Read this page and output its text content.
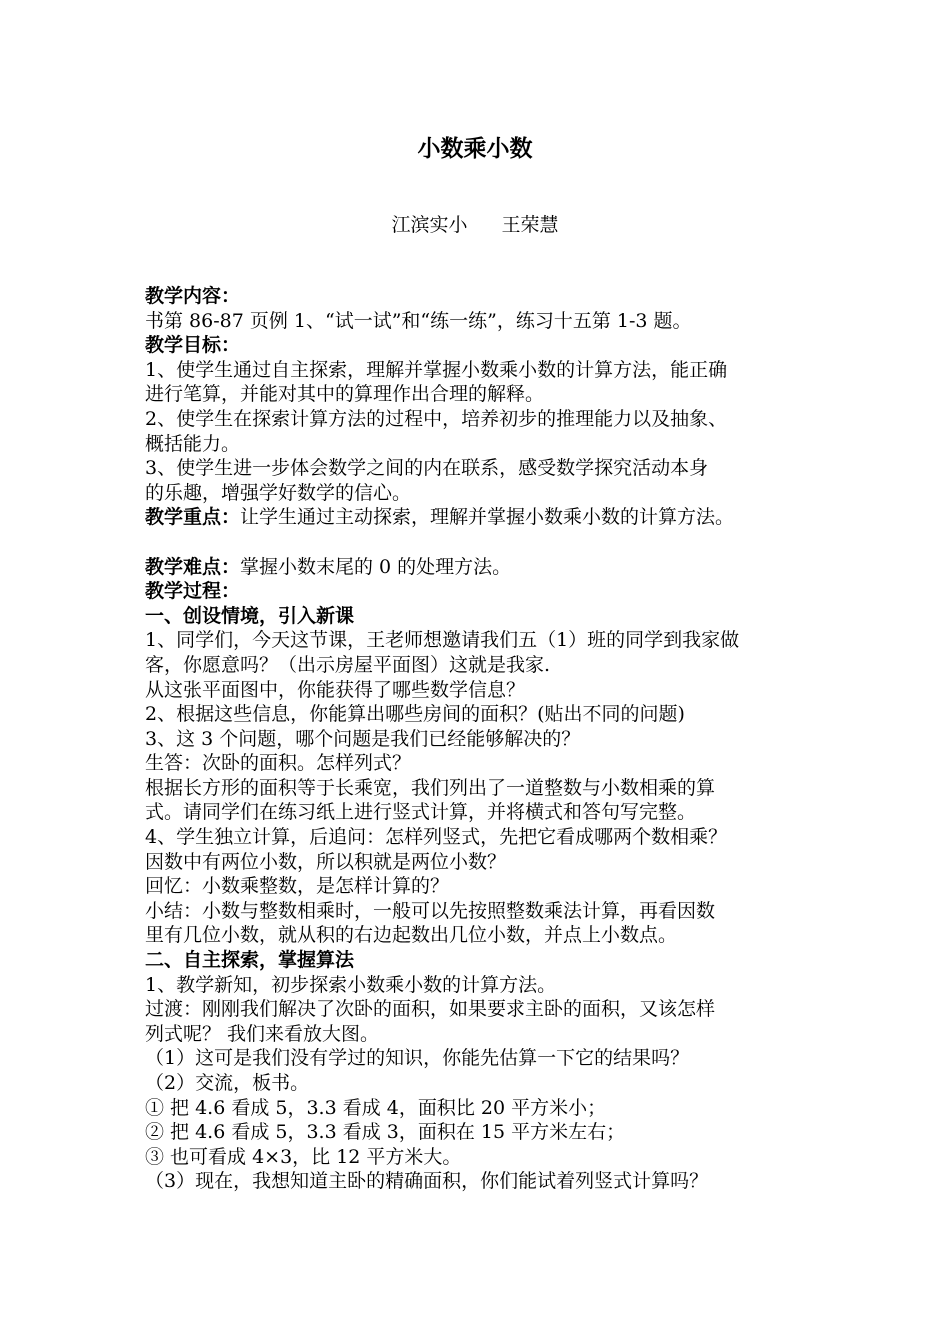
小数乘小数
江滨实小 王荣慧
教学内容：
书第 86-87 页例 1、“试一试”和“练一练”，练习十五第 1-3 题。
教学目标：
1、使学生通过自主探索，理解并掌握小数乘小数的计算方法，能正确
进行笔算，并能对其中的算理作出合理的解释。
2、使学生在探索计算方法的过程中，培养初步的推理能力以及抽象、
概括能力。
3、使学生进一步体会数学之间的内在联系，感受数学探究活动本身
的乐趣，增强学好数学的信心。
教学重点：让学生通过主动探索，理解并掌握小数乘小数的计算方法。
教学难点：掌握小数末尾的 0 的处理方法。
教学过程：
一、创设情境，引入新课
1、同学们，今天这节课，王老师想邀请我们五（1）班的同学到我家做
客，你愿意吗？（出示房屋平面图）这就是我家.
从这张平面图中，你能获得了哪些数学信息？
2、根据这些信息，你能算出哪些房间的面积？(贴出不同的问题)
3、这 3 个问题，哪个问题是我们已经能够解决的？
生答：次卧的面积。怎样列式？
根据长方形的面积等于长乘宽，我们列出了一道整数与小数相乘的算
式。请同学们在练习纸上进行竖式计算，并将横式和答句写完整。
4、学生独立计算，后追问：怎样列竖式，先把它看成哪两个数相乘？
因数中有两位小数，所以积就是两位小数？
回忆：小数乘整数，是怎样计算的？
小结：小数与整数相乘时，一般可以先按照整数乘法计算，再看因数
里有几位小数，就从积的右边起数出几位小数，并点上小数点。
二、自主探索，掌握算法
1、教学新知，初步探索小数乘小数的计算方法。
过渡：刚刚我们解决了次卧的面积，如果要求主卧的面积，又该怎样
列式呢？ 我们来看放大图。
（1）这可是我们没有学过的知识，你能先估算一下它的结果吗？
（2）交流，板书。
① 把 4.6 看成 5，3.3 看成 4，面积比 20 平方米小；
② 把 4.6 看成 5，3.3 看成 3，面积在 15 平方米左右；
③ 也可看成 4×3，比 12 平方米大。
（3）现在，我想知道主卧的精确面积，你们能试着列竖式计算吗？
